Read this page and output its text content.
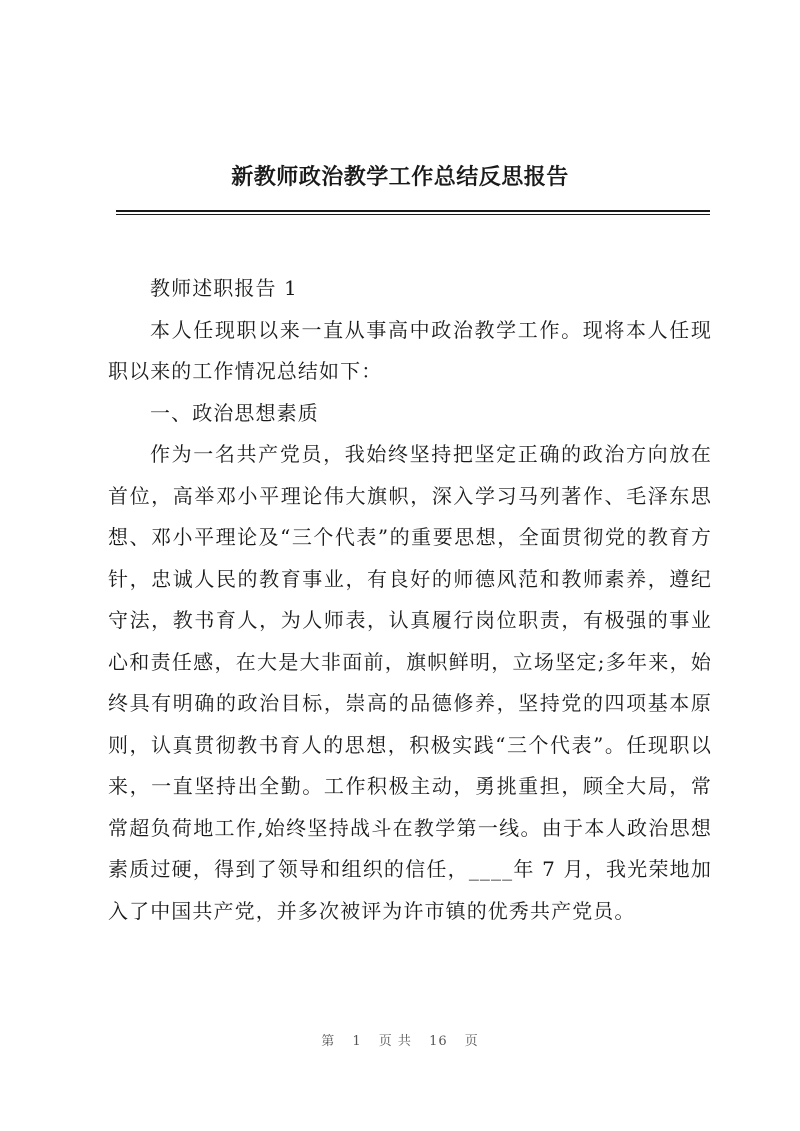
新教师政治教学工作总结反思报告

教师述职报告 1

本人任现职以来一直从事高中政治教学工作。现将本人任现职以来的工作情况总结如下：

一、政治思想素质

作为一名共产党员，我始终坚持把坚定正确的政治方向放在首位，高举邓小平理论伟大旗帜，深入学习马列著作、毛泽东思想、邓小平理论及“三个代表”的重要思想，全面贯彻党的教育方针，忠诚人民的教育事业，有良好的师德风范和教师素养，遵纪守法，教书育人，为人师表，认真履行岗位职责，有极强的事业心和责任感，在大是大非面前，旗帜鲜明，立场坚定;多年来，始终具有明确的政治目标，崇高的品德修养，坚持党的四项基本原则，认真贯彻教书育人的思想，积极实践“三个代表”。任现职以来，一直坚持出全勤。工作积极主动，勇挑重担，顾全大局，常常超负荷地工作,始终坚持战斗在教学第一线。由于本人政治思想素质过硬，得到了领导和组织的信任，____年 7 月，我光荣地加入了中国共产党，并多次被评为许市镇的优秀共产党员。

第 1 页 共 16 页
